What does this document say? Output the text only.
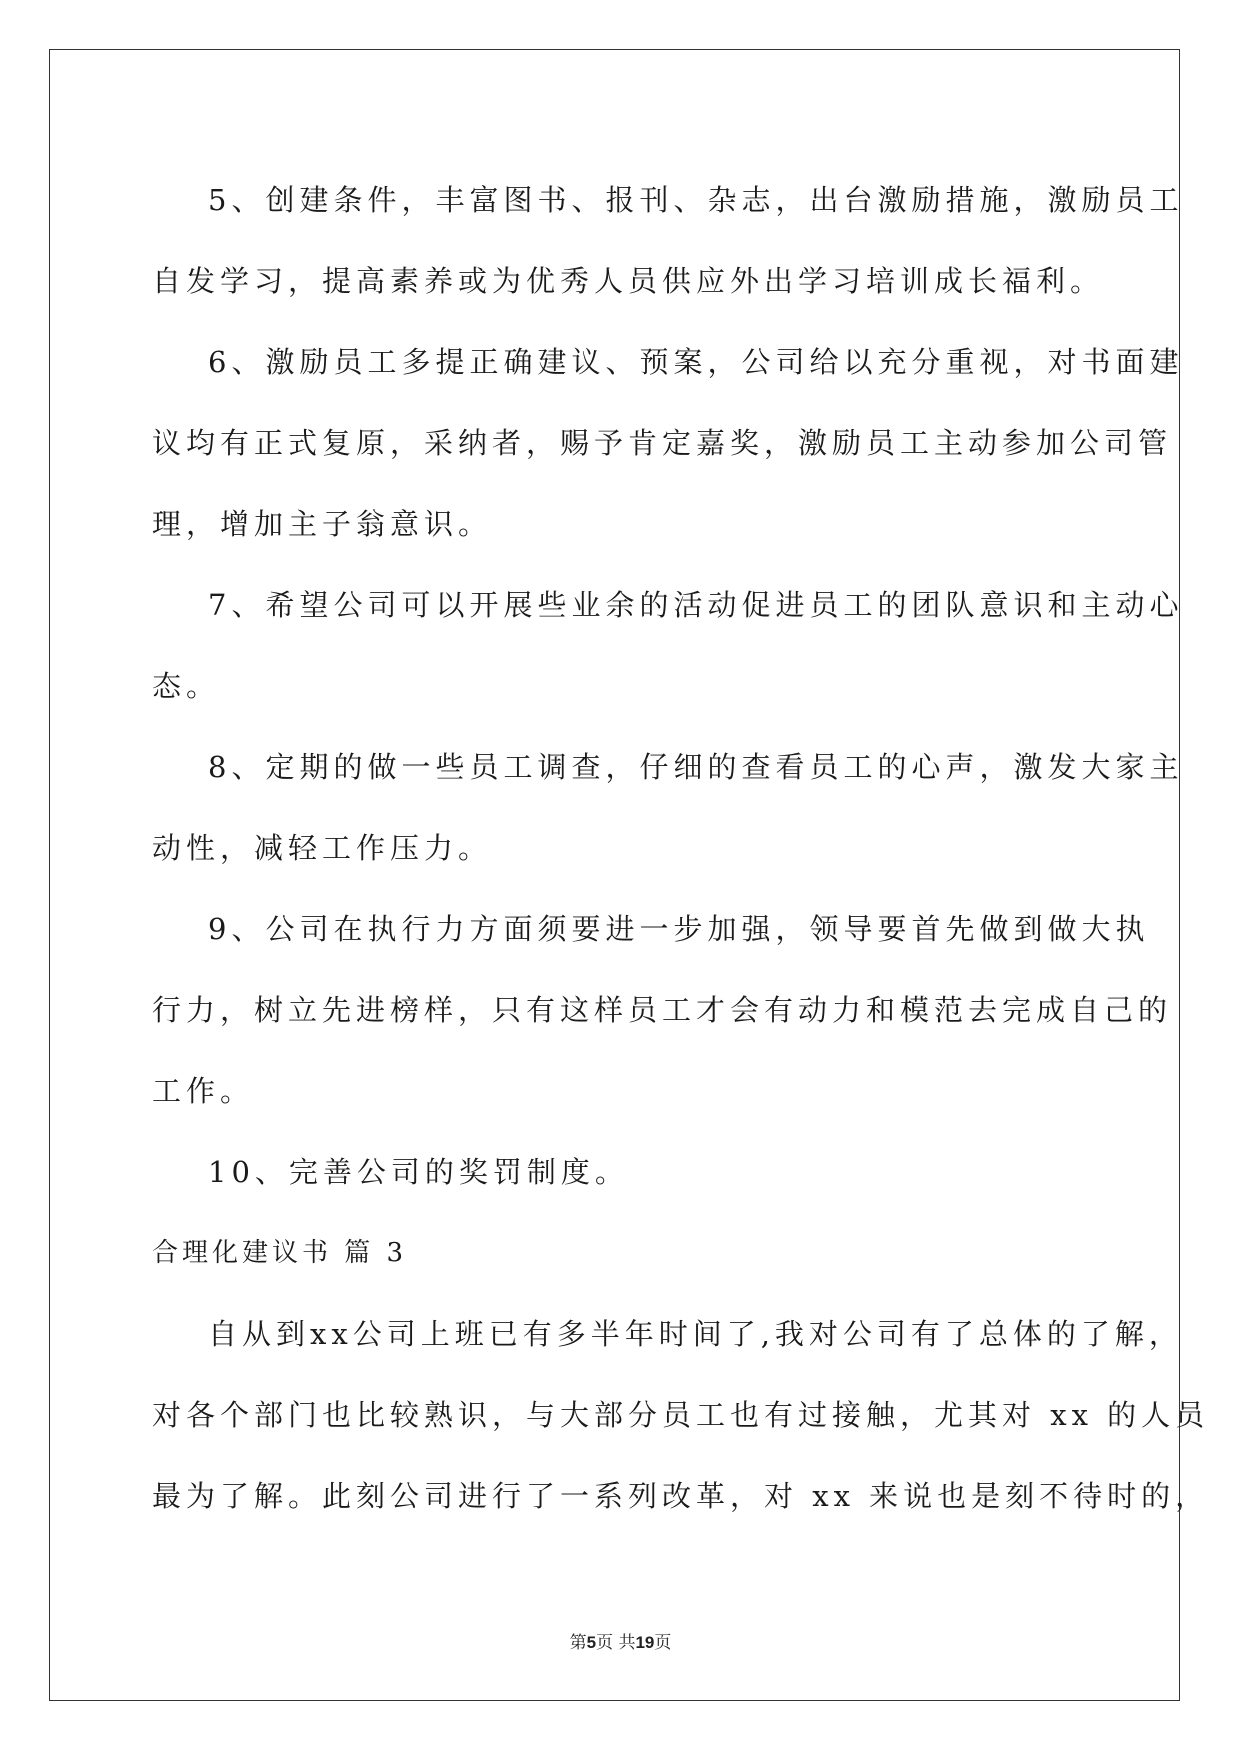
5、创建条件，丰富图书、报刊、杂志，出台激励措施，激励员工

自发学习，提高素养或为优秀人员供应外出学习培训成长福利。

6、激励员工多提正确建议、预案，公司给以充分重视，对书面建

议均有正式复原，采纳者，赐予肯定嘉奖，激励员工主动参加公司管

理，增加主子翁意识。

7、希望公司可以开展些业余的活动促进员工的团队意识和主动心

态。

8、定期的做一些员工调查，仔细的查看员工的心声，激发大家主

动性，减轻工作压力。

9、公司在执行力方面须要进一步加强，领导要首先做到做大执

行力，树立先进榜样，只有这样员工才会有动力和模范去完成自己的

工作。

10、完善公司的奖罚制度。

合理化建议书 篇 3

自从到xx公司上班已有多半年时间了,我对公司有了总体的了解，

对各个部门也比较熟识，与大部分员工也有过接触，尤其对 xx 的人员

最为了解。此刻公司进行了一系列改革，对 xx 来说也是刻不待时的，

第5页 共19页
